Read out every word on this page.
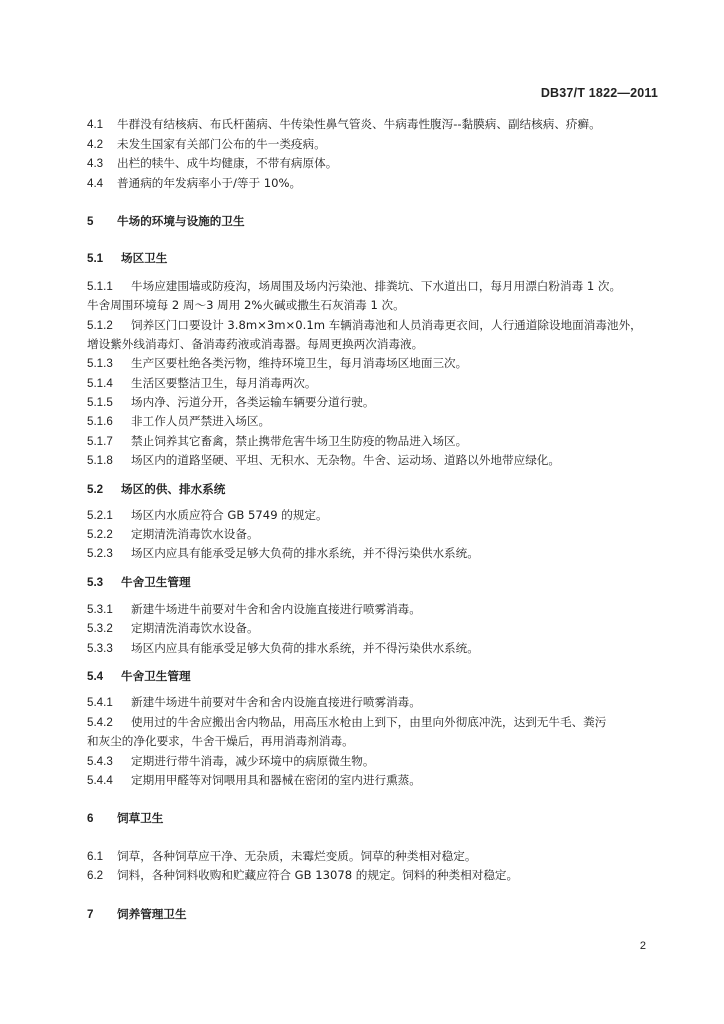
DB37/T 1822—2011
4.1 牛群没有结核病、布氏杆菌病、牛传染性鼻气管炎、牛病毒性腹泻--黏膜病、副结核病、疥癣。
4.2 未发生国家有关部门公布的牛一类疫病。
4.3 出栏的犊牛、成牛均健康，不带有病原体。
4.4 普通病的年发病率小于/等于 10%。
5 牛场的环境与设施的卫生
5.1 场区卫生
5.1.1 牛场应建围墙或防疫沟，场周围及场内污染池、排粪坑、下水道出口，每月用漂白粉消毒 1 次。
牛舍周围环境每 2 周～3 周用 2%火碱或撒生石灰消毒 1 次。
5.1.2 饲养区门口要设计 3.8m×3m×0.1m 车辆消毒池和人员消毒更衣间，人行通道除设地面消毒池外，
增设紫外线消毒灯、备消毒药液或消毒器。每周更换两次消毒液。
5.1.3 生产区要杜绝各类污物，维持环境卫生，每月消毒场区地面三次。
5.1.4 生活区要整洁卫生，每月消毒两次。
5.1.5 场内净、污道分开，各类运输车辆要分道行驶。
5.1.6 非工作人员严禁进入场区。
5.1.7 禁止饲养其它畜禽，禁止携带危害牛场卫生防疫的物品进入场区。
5.1.8 场区内的道路坚硬、平坦、无积水、无杂物。牛舍、运动场、道路以外地带应绿化。
5.2 场区的供、排水系统
5.2.1 场区内水质应符合 GB 5749 的规定。
5.2.2 定期清洗消毒饮水设备。
5.2.3 场区内应具有能承受足够大负荷的排水系统，并不得污染供水系统。
5.3 牛舍卫生管理
5.3.1 新建牛场进牛前要对牛舍和舍内设施直接进行喷雾消毒。
5.3.2 定期清洗消毒饮水设备。
5.3.3 场区内应具有能承受足够大负荷的排水系统，并不得污染供水系统。
5.4 牛舍卫生管理
5.4.1 新建牛场进牛前要对牛舍和舍内设施直接进行喷雾消毒。
5.4.2 使用过的牛舍应搬出舍内物品，用高压水枪由上到下，由里向外彻底冲洗，达到无牛毛、粪污
和灰尘的净化要求，牛舍干燥后，再用消毒剂消毒。
5.4.3 定期进行带牛消毒，减少环境中的病原微生物。
5.4.4 定期用甲醛等对饲喂用具和器械在密闭的室内进行熏蒸。
6 饲草卫生
6.1 饲草，各种饲草应干净、无杂质，未霉烂变质。饲草的种类相对稳定。
6.2 饲料，各种饲料收购和贮藏应符合 GB 13078 的规定。饲料的种类相对稳定。
7 饲养管理卫生
2
